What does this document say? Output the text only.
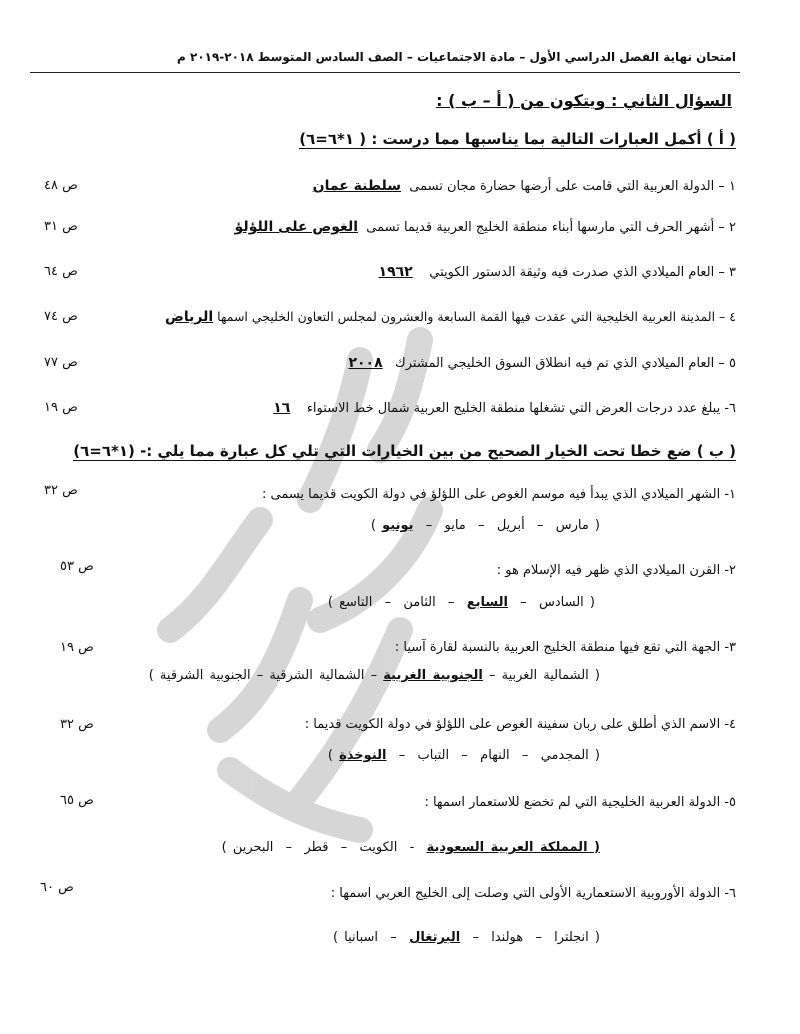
امتحان نهاية الفصل الدراسي الأول – مادة الاجتماعيات – الصف السادس المتوسط ٢٠١٨-٢٠١٩ م
السؤال الثاني : ويتكون من ( أ – ب ) :
( أ ) أكمل العبارات التالية بما يناسبها مما درست : ( ١*٦=٦)
١ – الدولة العربية التي قامت على أرضها حضارة مجان تسمى  سلطنة عمان
ص ٤٨
٢ – أشهر الحرف التي مارسها أبناء منطقة الخليج العربية قديما تسمى  الغوص على اللؤلؤ
ص ٣١
٣ – العام الميلادي الذي صدرت فيه وثيقة الدستور الكويتي    ١٩٦٢
ص ٦٤
٤ – المدينة العربية الخليجية التي عقدت فيها القمة السابعة والعشرون لمجلس التعاون الخليجي اسمها الرياض
ص ٧٤
٥ – العام الميلادي الذي تم فيه انطلاق السوق الخليجي المشترك   ٢٠٠٨
ص ٧٧
٦- يبلغ عدد درجات العرض التي تشغلها منطقة الخليج العربية شمال خط الاستواء    ١٦
ص ١٩
( ب ) ضع خطا تحت الخيار الصحيح من بين الخيارات التي تلي كل عبارة مما يلي :- (١*٦=٦)
١- الشهر الميلادي الذي يبدأ فيه موسم الغوص على اللؤلؤ في دولة الكويت قديما يسمى :
ص ٣٢
( مارس  –  أبريل  –  مايو  –  يونيو )
٢- القرن الميلادي الذي ظهر فيه الإسلام هو :
ص ٥٣
( السادس  –  السابع  –  الثامن  –  التاسع )
٣- الجهة التي تقع فيها منطقة الخليج العربية بالنسبة لقارة آسيا :
ص ١٩
( الشمالية الغربية – الجنوبية الغربية – الشمالية الشرقية – الجنوبية الشرقية )
٤- الاسم الذي أطلق على ربان سفينة الغوص على اللؤلؤ في دولة الكويت قديما :
ص ٣٢
( المجدمي  –  النهام  –  التباب  –  النوخذة )
٥- الدولة العربية الخليجية التي لم تخضع للاستعمار اسمها :
ص ٦٥
( المملكة العربية السعودية  -  الكويت  –  قطر  –  البحرين )
٦- الدولة الأوروبية الاستعمارية الأولى التي وصلت إلى الخليج العربي اسمها :
ص ٦٠
( انجلترا  –  هولندا  –  البرتغال  –  اسبانيا )
